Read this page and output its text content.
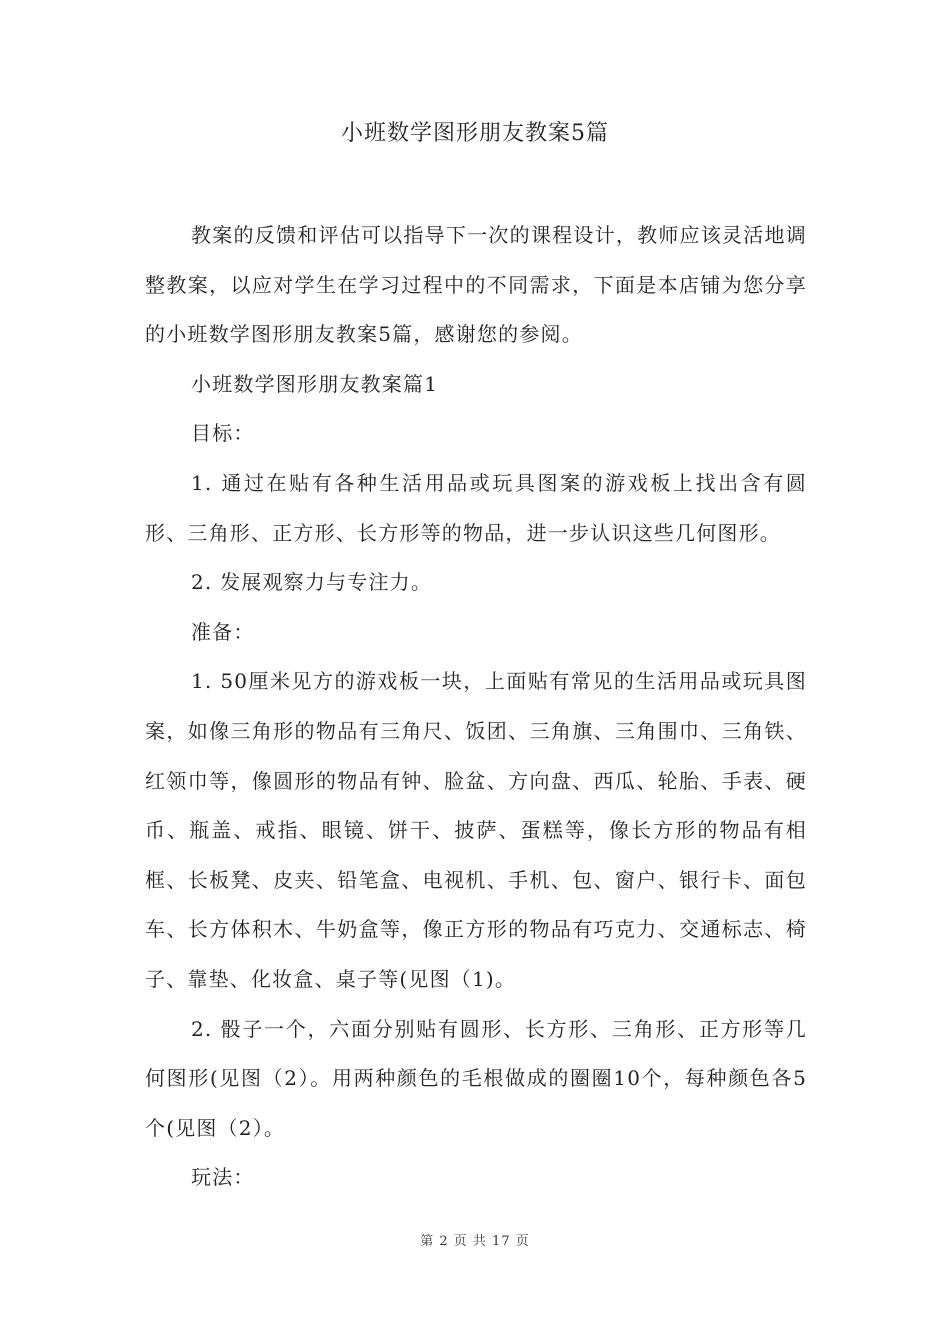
小班数学图形朋友教案5篇

教案的反馈和评估可以指导下一次的课程设计，教师应该灵活地调整教案，以应对学生在学习过程中的不同需求，下面是本店铺为您分享的小班数学图形朋友教案5篇，感谢您的参阅。

小班数学图形朋友教案篇1

目标：

1. 通过在贴有各种生活用品或玩具图案的游戏板上找出含有圆形、三角形、正方形、长方形等的物品，进一步认识这些几何图形。

2. 发展观察力与专注力。

准备：

1. 50厘米见方的游戏板一块，上面贴有常见的生活用品或玩具图案，如像三角形的物品有三角尺、饭团、三角旗、三角围巾、三角铁、红领巾等，像圆形的物品有钟、脸盆、方向盘、西瓜、轮胎、手表、硬币、瓶盖、戒指、眼镜、饼干、披萨、蛋糕等，像长方形的物品有相框、长板凳、皮夹、铅笔盒、电视机、手机、包、窗户、银行卡、面包车、长方体积木、牛奶盒等，像正方形的物品有巧克力、交通标志、椅子、靠垫、化妆盒、桌子等(见图（1)。

2. 骰子一个，六面分别贴有圆形、长方形、三角形、正方形等几何图形(见图（2）。用两种颜色的毛根做成的圈圈10个，每种颜色各5个(见图（2）。

玩法：

第 2 页 共 17 页
